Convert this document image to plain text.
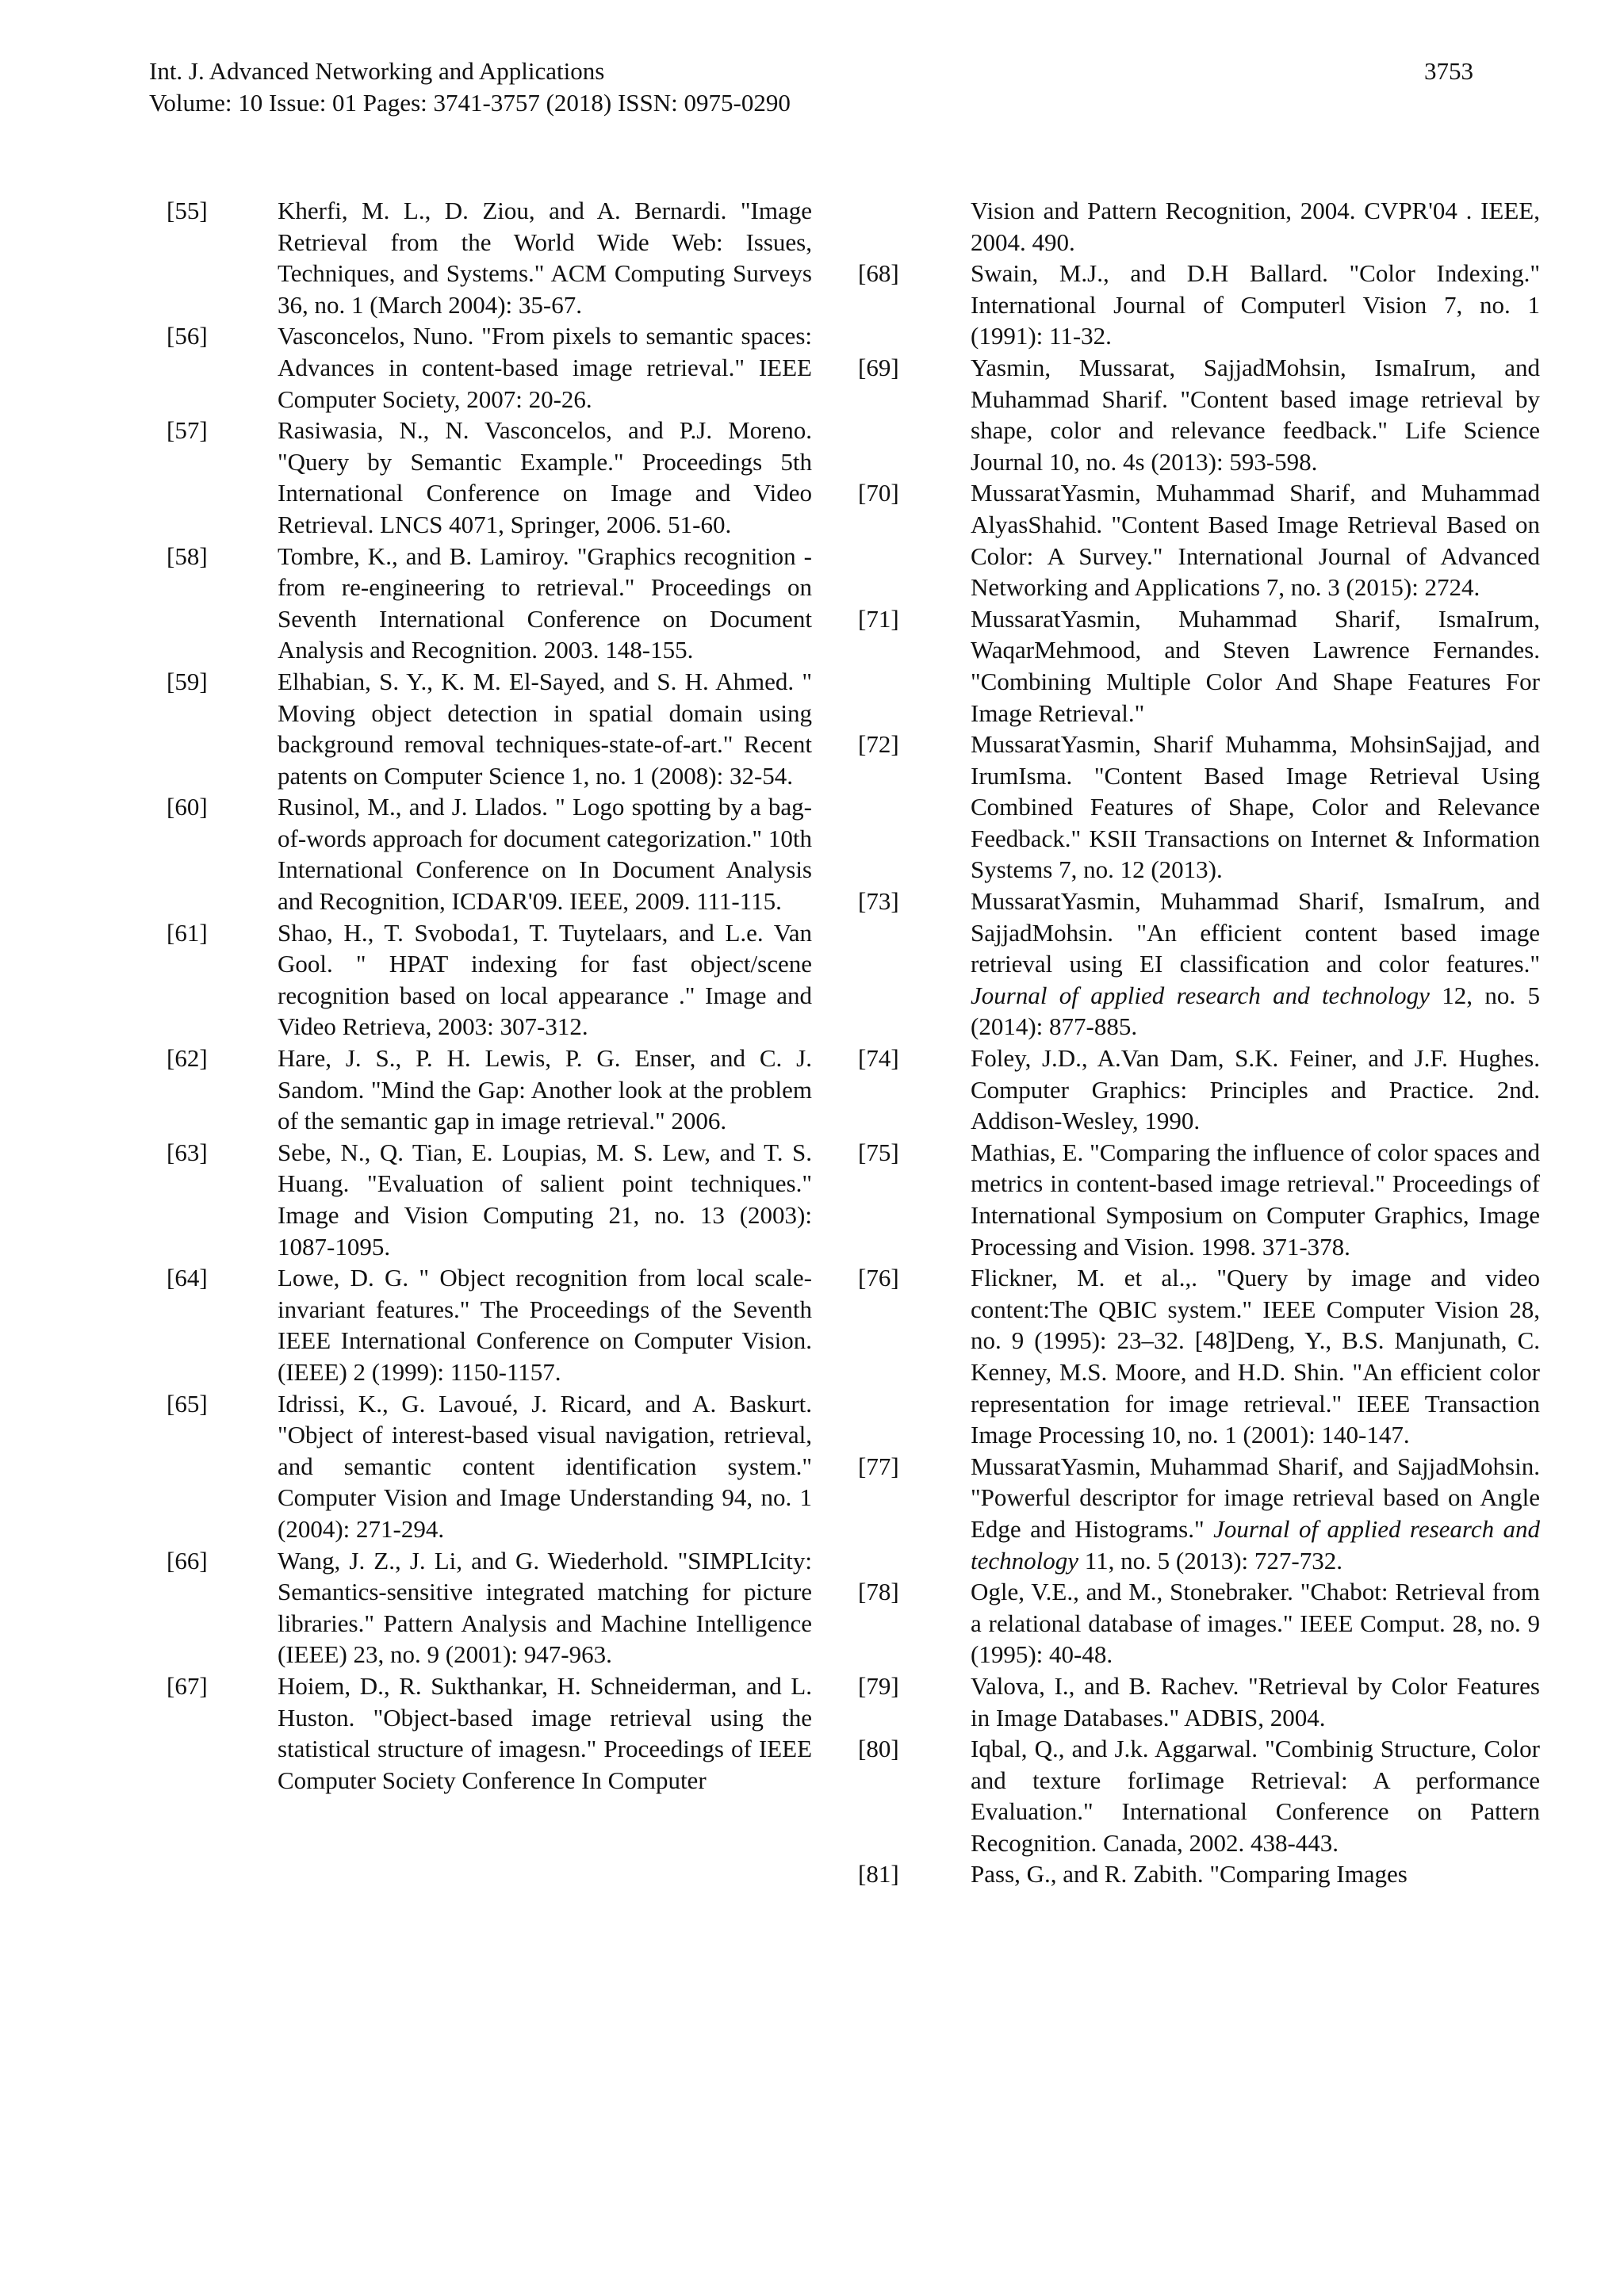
Int. J. Advanced Networking and Applications
Volume: 10 Issue: 01 Pages: 3741-3757 (2018) ISSN: 0975-0290
3753
[55]	Kherfi, M. L., D. Ziou, and A. Bernardi. "Image Retrieval from the World Wide Web: Issues, Techniques, and Systems." ACM Computing Surveys 36, no. 1 (March 2004): 35-67.
[56]	Vasconcelos, Nuno. "From pixels to semantic spaces: Advances in content-based image retrieval." IEEE Computer Society, 2007: 20-26.
[57]	Rasiwasia, N., N. Vasconcelos, and P.J. Moreno. "Query by Semantic Example." Proceedings 5th International Conference on Image and Video Retrieval. LNCS 4071, Springer, 2006. 51-60.
[58]	Tombre, K., and B. Lamiroy. "Graphics recognition - from re-engineering to retrieval." Proceedings on Seventh International Conference on Document Analysis and Recognition. 2003. 148-155.
[59]	Elhabian, S. Y., K. M. El-Sayed, and S. H. Ahmed. " Moving object detection in spatial domain using background removal techniques-state-of-art." Recent patents on Computer Science 1, no. 1 (2008): 32-54.
[60]	Rusinol, M., and J. Llados. " Logo spotting by a bag-of-words approach for document categorization." 10th International Conference on In Document Analysis and Recognition, ICDAR'09. IEEE, 2009. 111-115.
[61]	Shao, H., T. Svoboda1, T. Tuytelaars, and L.e. Van Gool. " HPAT indexing for fast object/scene recognition based on local appearance ." Image and Video Retrieva, 2003: 307-312.
[62]	Hare, J. S., P. H. Lewis, P. G. Enser, and C. J. Sandom. "Mind the Gap: Another look at the problem of the semantic gap in image retrieval." 2006.
[63]	Sebe, N., Q. Tian, E. Loupias, M. S. Lew, and T. S. Huang. "Evaluation of salient point techniques." Image and Vision Computing 21, no. 13 (2003): 1087-1095.
[64]	Lowe, D. G. " Object recognition from local scale-invariant features." The Proceedings of the Seventh IEEE International Conference on Computer Vision. (IEEE) 2 (1999): 1150-1157.
[65]	Idrissi, K., G. Lavoué, J. Ricard, and A. Baskurt. "Object of interest-based visual navigation, retrieval, and semantic content identification system." Computer Vision and Image Understanding 94, no. 1 (2004): 271-294.
[66]	Wang, J. Z., J. Li, and G. Wiederhold. "SIMPLIcity: Semantics-sensitive integrated matching for picture libraries." Pattern Analysis and Machine Intelligence (IEEE) 23, no. 9 (2001): 947-963.
[67]	Hoiem, D., R. Sukthankar, H. Schneiderman, and L. Huston. "Object-based image retrieval using the statistical structure of imagesn." Proceedings of IEEE Computer Society Conference In Computer
Vision and Pattern Recognition, 2004. CVPR'04 . IEEE, 2004. 490.
[68]	Swain, M.J., and D.H Ballard. "Color Indexing." International Journal of Computerl Vision 7, no. 1 (1991): 11-32.
[69]	Yasmin, Mussarat, SajjadMohsin, IsmaIrum, and Muhammad Sharif. "Content based image retrieval by shape, color and relevance feedback." Life Science Journal 10, no. 4s (2013): 593-598.
[70]	MussaratYasmin, Muhammad Sharif, and Muhammad AlyasShahid. "Content Based Image Retrieval Based on Color: A Survey." International Journal of Advanced Networking and Applications 7, no. 3 (2015): 2724.
[71]	MussaratYasmin, Muhammad Sharif, IsmaIrum, WaqarMehmood, and Steven Lawrence Fernandes. "Combining Multiple Color And Shape Features For Image Retrieval."
[72]	MussaratYasmin, Sharif Muhamma, MohsinSajjad, and IrumIsma. "Content Based Image Retrieval Using Combined Features of Shape, Color and Relevance Feedback." KSII Transactions on Internet & Information Systems 7, no. 12 (2013).
[73]	MussaratYasmin, Muhammad Sharif, IsmaIrum, and SajjadMohsin. "An efficient content based image retrieval using EI classification and color features." Journal of applied research and technology 12, no. 5 (2014): 877-885.
[74]	Foley, J.D., A.Van Dam, S.K. Feiner, and J.F. Hughes. Computer Graphics: Principles and Practice. 2nd. Addison-Wesley, 1990.
[75]	Mathias, E. "Comparing the influence of color spaces and metrics in content-based image retrieval." Proceedings of International Symposium on Computer Graphics, Image Processing and Vision. 1998. 371-378.
[76]	Flickner, M. et al.,. "Query by image and video content:The QBIC system." IEEE Computer Vision 28, no. 9 (1995): 23–32. [48]Deng, Y., B.S. Manjunath, C. Kenney, M.S. Moore, and H.D. Shin. "An efficient color representation for image retrieval." IEEE Transaction Image Processing 10, no. 1 (2001): 140-147.
[77]	MussaratYasmin, Muhammad Sharif, and SajjadMohsin. "Powerful descriptor for image retrieval based on Angle Edge and Histograms." Journal of applied research and technology 11, no. 5 (2013): 727-732.
[78]	Ogle, V.E., and M., Stonebraker. "Chabot: Retrieval from a relational database of images." IEEE Comput. 28, no. 9 (1995): 40-48.
[79]	Valova, I., and B. Rachev. "Retrieval by Color Features in Image Databases." ADBIS, 2004.
[80]	Iqbal, Q., and J.k. Aggarwal. "Combinig Structure, Color and texture forIimage Retrieval: A performance Evaluation." International Conference on Pattern Recognition. Canada, 2002. 438-443.
[81]	Pass, G., and R. Zabith. "Comparing Images
